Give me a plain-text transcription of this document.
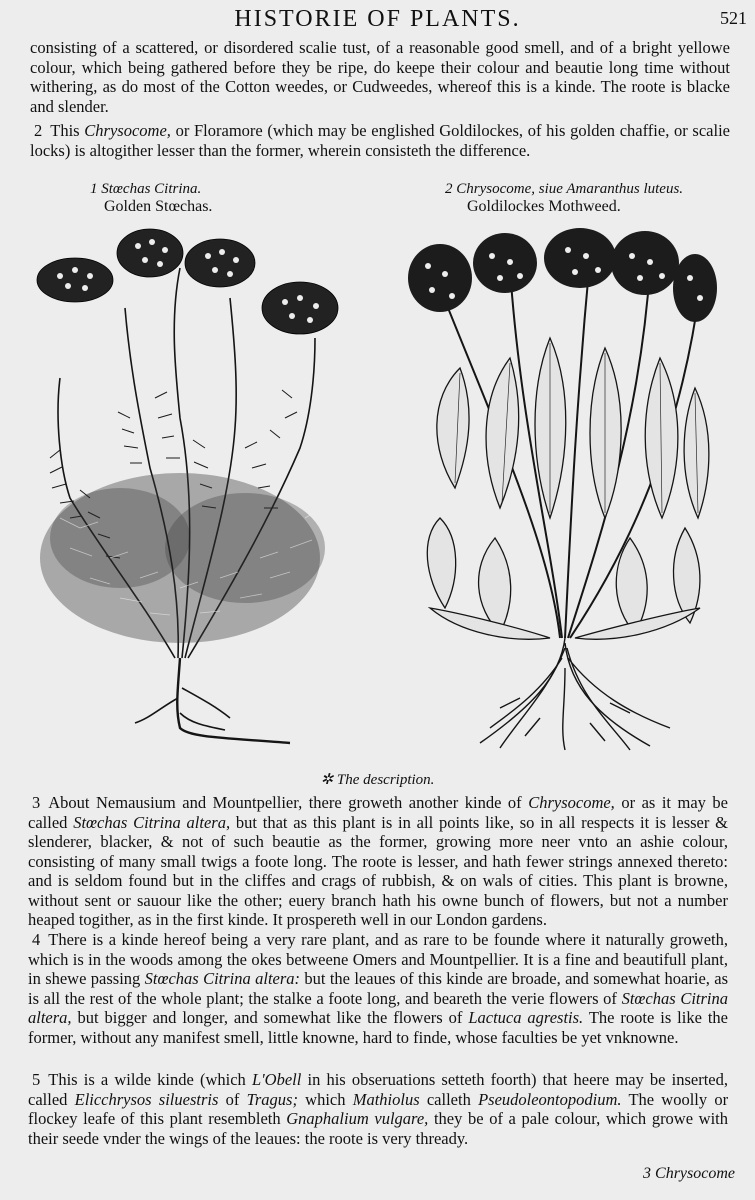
HISTORIE OF PLANTS.	521

consisting of a scattered, or disordered scalie tust, of a reasonable good smell, and of a bright yellowe colour, which being gathered before they be ripe, do keepe their colour and beautie long time without withering, as do most of the Cotton weedes, or Cudweedes, whereof this is a kinde. The roote is blacke and slender.

2 This Chrysocome, or Floramore (which may be englished Goldilockes, of his golden chaffie, or scalie locks) is altogither lesser than the former, wherein consisteth the difference.

1 Stœchas Citrina.
Golden Stœchas.
2 Chrysocome, siue Amaranthus luteus.
Goldilockes Mothweed.
✲ The description.

3 About Nemausium and Mountpellier, there groweth another kinde of Chrysocome, or as it may be called Stœchas Citrina altera, but that as this plant is in all points like, so in all respects it is lesser & slenderer, blacker, & not of such beautie as the former, growing more neer vnto an ashie colour, consisting of many small twigs a foote long. The roote is lesser, and hath fewer strings annexed thereto: and is seldom found but in the cliffes and crags of rubbish, & on wals of cities. This plant is browne, without sent or sauour like the other; euery branch hath his owne bunch of flowers, but not a number heaped togither, as in the first kinde. It prospereth well in our London gardens.

4 There is a kinde hereof being a very rare plant, and as rare to be founde where it naturally groweth, which is in the woods among the okes betweene Omers and Mountpellier. It is a fine and beautifull plant, in shewe passing Stœchas Citrina altera: but the leaues of this kinde are broade, and somewhat hoarie, as is all the rest of the whole plant; the stalke a foote long, and beareth the verie flowers of Stœchas Citrina altera, but bigger and longer, and somewhat like the flowers of Lactuca agrestis. The roote is like the former, without any manifest smell, little knowne, hard to finde, whose faculties be yet vnknowne.

5 This is a wilde kinde (which L'Obell in his obseruations setteth foorth) that heere may be inserted, called Elicchrysos siluestris of Tragus; which Mathiolus calleth Pseudoleontopodium. The woolly or flockey leafe of this plant resembleth Gnaphalium vulgare, they be of a pale colour, which growe with their seede vnder the wings of the leaues: the roote is very thready.

3 Chrysocome
